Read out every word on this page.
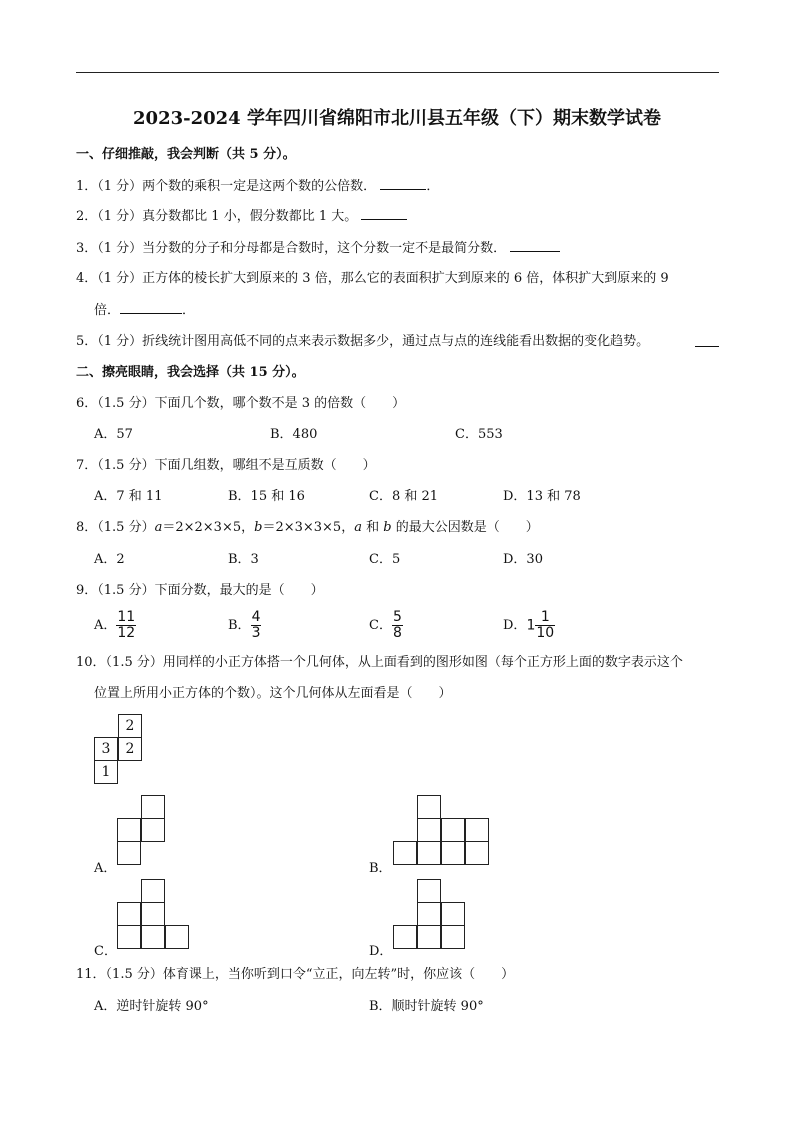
2023-2024 学年四川省绵阳市北川县五年级（下）期末数学试卷
一、仔细推敲，我会判断（共 5 分）。
1．（1 分）两个数的乘积一定是这两个数的公倍数．	．
2．（1 分）真分数都比 1 小，假分数都比 1 大。
3．（1 分）当分数的分子和分母都是合数时，这个分数一定不是最简分数．
4．（1 分）正方体的棱长扩大到原来的 3 倍，那么它的表面积扩大到原来的 6 倍，体积扩大到原来的 9
倍．	．
5．（1 分）折线统计图用高低不同的点来表示数据多少，通过点与点的连线能看出数据的变化趋势。
二、擦亮眼睛，我会选择（共 15 分）。
6．（1.5 分）下面几个数，哪个数不是 3 的倍数（　　）
A．57	B．480	C．553
7．（1.5 分）下面几组数，哪组不是互质数（　　）
A．7 和 11	B．15 和 16	C．8 和 21	D．13 和 78
8．（1.5 分）a＝2×2×3×5，b＝2×3×3×5，a 和 b 的最大公因数是（　　）
A．2	B．3	C．5	D．30
9．（1.5 分）下面分数，最大的是（　　）
A． $\frac{11}{12}$	B． $\frac{4}{3}$	C． $\frac{5}{8}$	D．$1 \frac{1}{10}$
10．（1.5 分）用同样的小正方体搭一个几何体，从上面看到的图形如图（每个正方形上面的数字表示这个
位置上所用小正方体的个数）。这个几何体从左面看是（　　）
2
3	2
1
A．	B．
C．	D．
11．（1.5 分）体育课上，当你听到口令“立正，向左转”时，你应该（　　）
A．逆时针旋转 90°	B．顺时针旋转 90°
